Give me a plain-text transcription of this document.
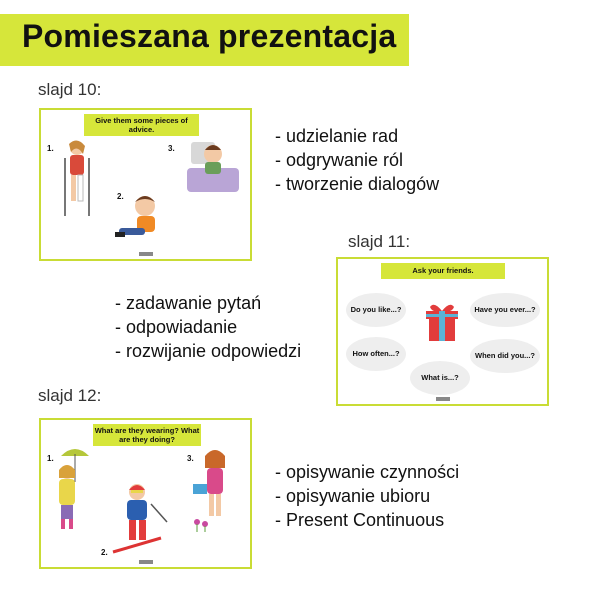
Pomieszana prezentacja
slajd 10:
Give them some pieces of advice.
1.
2.
3.
- udzielanie rad
- odgrywanie ról
- tworzenie dialogów
slajd 11:
Ask your friends.
Do you like...?	Have you ever...?
How often...?	When did you...?
What is...?
- zadawanie pytań
- odpowiadanie
- rozwijanie odpowiedzi
slajd 12:
What are they wearing? What are they doing?
1.
2.
3.
- opisywanie czynności
- opisywanie ubioru
- Present Continuous
